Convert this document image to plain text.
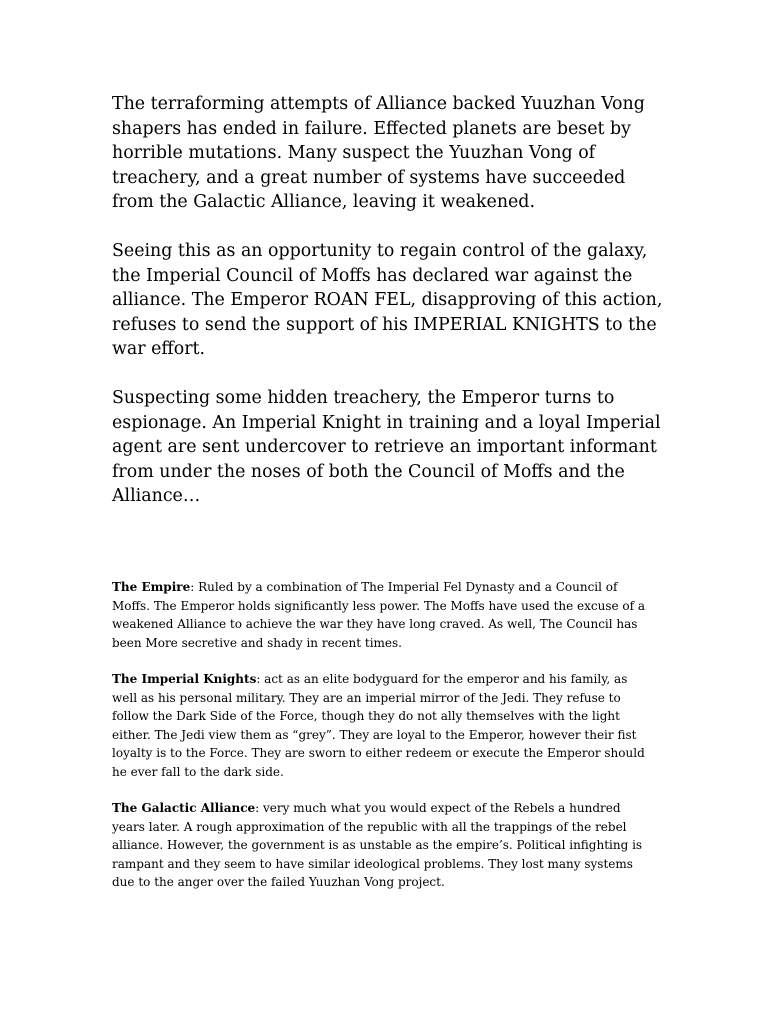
The terraforming attempts of Alliance backed Yuuzhan Vong shapers has ended in failure. Effected planets are beset by horrible mutations. Many suspect the Yuuzhan Vong of treachery, and a great number of systems have succeeded from the Galactic Alliance, leaving it weakened.

Seeing this as an opportunity to regain control of the galaxy, the Imperial Council of Moffs has declared war against the alliance. The Emperor ROAN FEL, disapproving of this action, refuses to send the support of his IMPERIAL KNIGHTS to the war effort.

Suspecting some hidden treachery, the Emperor turns to espionage. An Imperial Knight in training and a loyal Imperial agent are sent undercover to retrieve an important informant from under the noses of both the Council of Moffs and the Alliance…

The Empire: Ruled by a combination of The Imperial Fel Dynasty and a Council of Moffs. The Emperor holds significantly less power. The Moffs have used the excuse of a weakened Alliance to achieve the war they have long craved. As well, The Council has been More secretive and shady in recent times.

The Imperial Knights: act as an elite bodyguard for the emperor and his family, as well as his personal military. They are an imperial mirror of the Jedi. They refuse to follow the Dark Side of the Force, though they do not ally themselves with the light either. The Jedi view them as “grey”. They are loyal to the Emperor, however their fist loyalty is to the Force. They are sworn to either redeem or execute the Emperor should he ever fall to the dark side.

The Galactic Alliance: very much what you would expect of the Rebels a hundred years later. A rough approximation of the republic with all the trappings of the rebel alliance. However, the government is as unstable as the empire’s. Political infighting is rampant and they seem to have similar ideological problems. They lost many systems due to the anger over the failed Yuuzhan Vong project.
